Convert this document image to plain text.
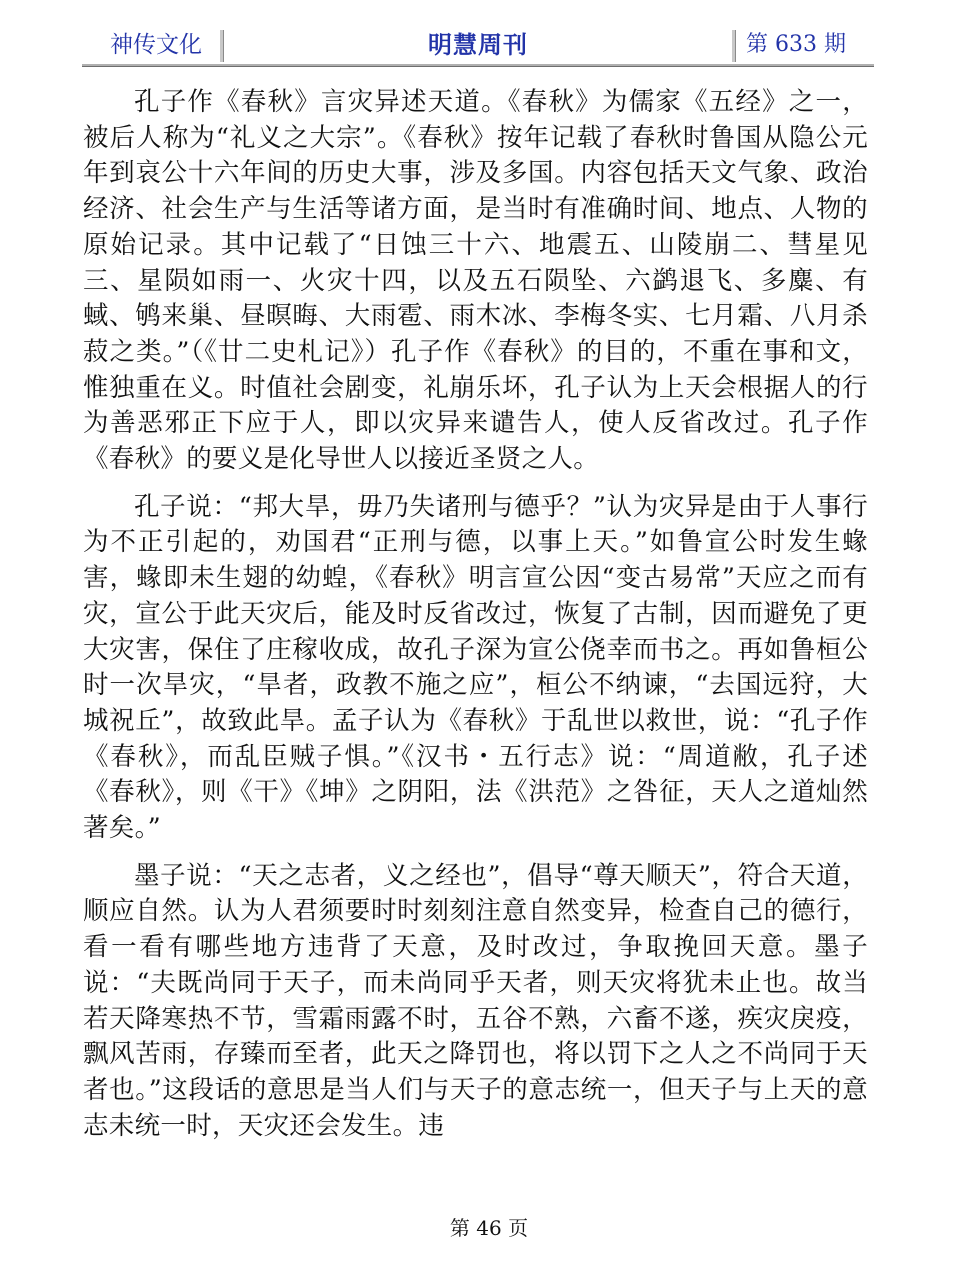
神传文化	明慧周刊	第 633 期

孔子作《春秋》言灾异述天道。《春秋》为儒家《五经》之一，被后人称为“礼义之大宗”。《春秋》按年记载了春秋时鲁国从隐公元年到哀公十六年间的历史大事，涉及多国。内容包括天文气象、政治经济、社会生产与生活等诸方面，是当时有准确时间、地点、人物的原始记录。其中记载了“日蚀三十六、地震五、山陵崩二、彗星见三、星陨如雨一、火灾十四，以及五石陨坠、六鹢退飞、多麋、有蜮、鸲来巢、昼暝晦、大雨雹、雨木冰、李梅冬实、七月霜、八月杀菽之类。”（《廿二史札记》）孔子作《春秋》的目的，不重在事和文，惟独重在义。时值社会剧变，礼崩乐坏，孔子认为上天会根据人的行为善恶邪正下应于人，即以灾异来谴告人，使人反省改过。孔子作《春秋》的要义是化导世人以接近圣贤之人。

孔子说：“邦大旱，毋乃失诸刑与德乎？”认为灾异是由于人事行为不正引起的，劝国君“正刑与德，以事上天。”如鲁宣公时发生蝝害，蝝即未生翅的幼蝗，《春秋》明言宣公因“变古易常”天应之而有灾，宣公于此天灾后，能及时反省改过，恢复了古制，因而避免了更大灾害，保住了庄稼收成，故孔子深为宣公侥幸而书之。再如鲁桓公时一次旱灾，“旱者，政教不施之应”，桓公不纳谏，“去国远狩，大城祝丘”，故致此旱。孟子认为《春秋》于乱世以救世，说：“孔子作《春秋》，而乱臣贼子惧。”《汉书・五行志》说：“周道敝，孔子述《春秋》，则《干》《坤》之阴阳，法《洪范》之咎征，天人之道灿然著矣。”

墨子说：“天之志者，义之经也”，倡导“尊天顺天”，符合天道，顺应自然。认为人君须要时时刻刻注意自然变异，检查自己的德行，看一看有哪些地方违背了天意，及时改过，争取挽回天意。墨子说：“夫既尚同于天子，而未尚同乎天者，则天灾将犹未止也。故当若天降寒热不节，雪霜雨露不时，五谷不熟，六畜不遂，疾灾戾疫，飘风苦雨，存臻而至者，此天之降罚也，将以罚下之人之不尚同于天者也。”这段话的意思是当人们与天子的意志统一，但天子与上天的意志未统一时，天灾还会发生。违

第 46 页
